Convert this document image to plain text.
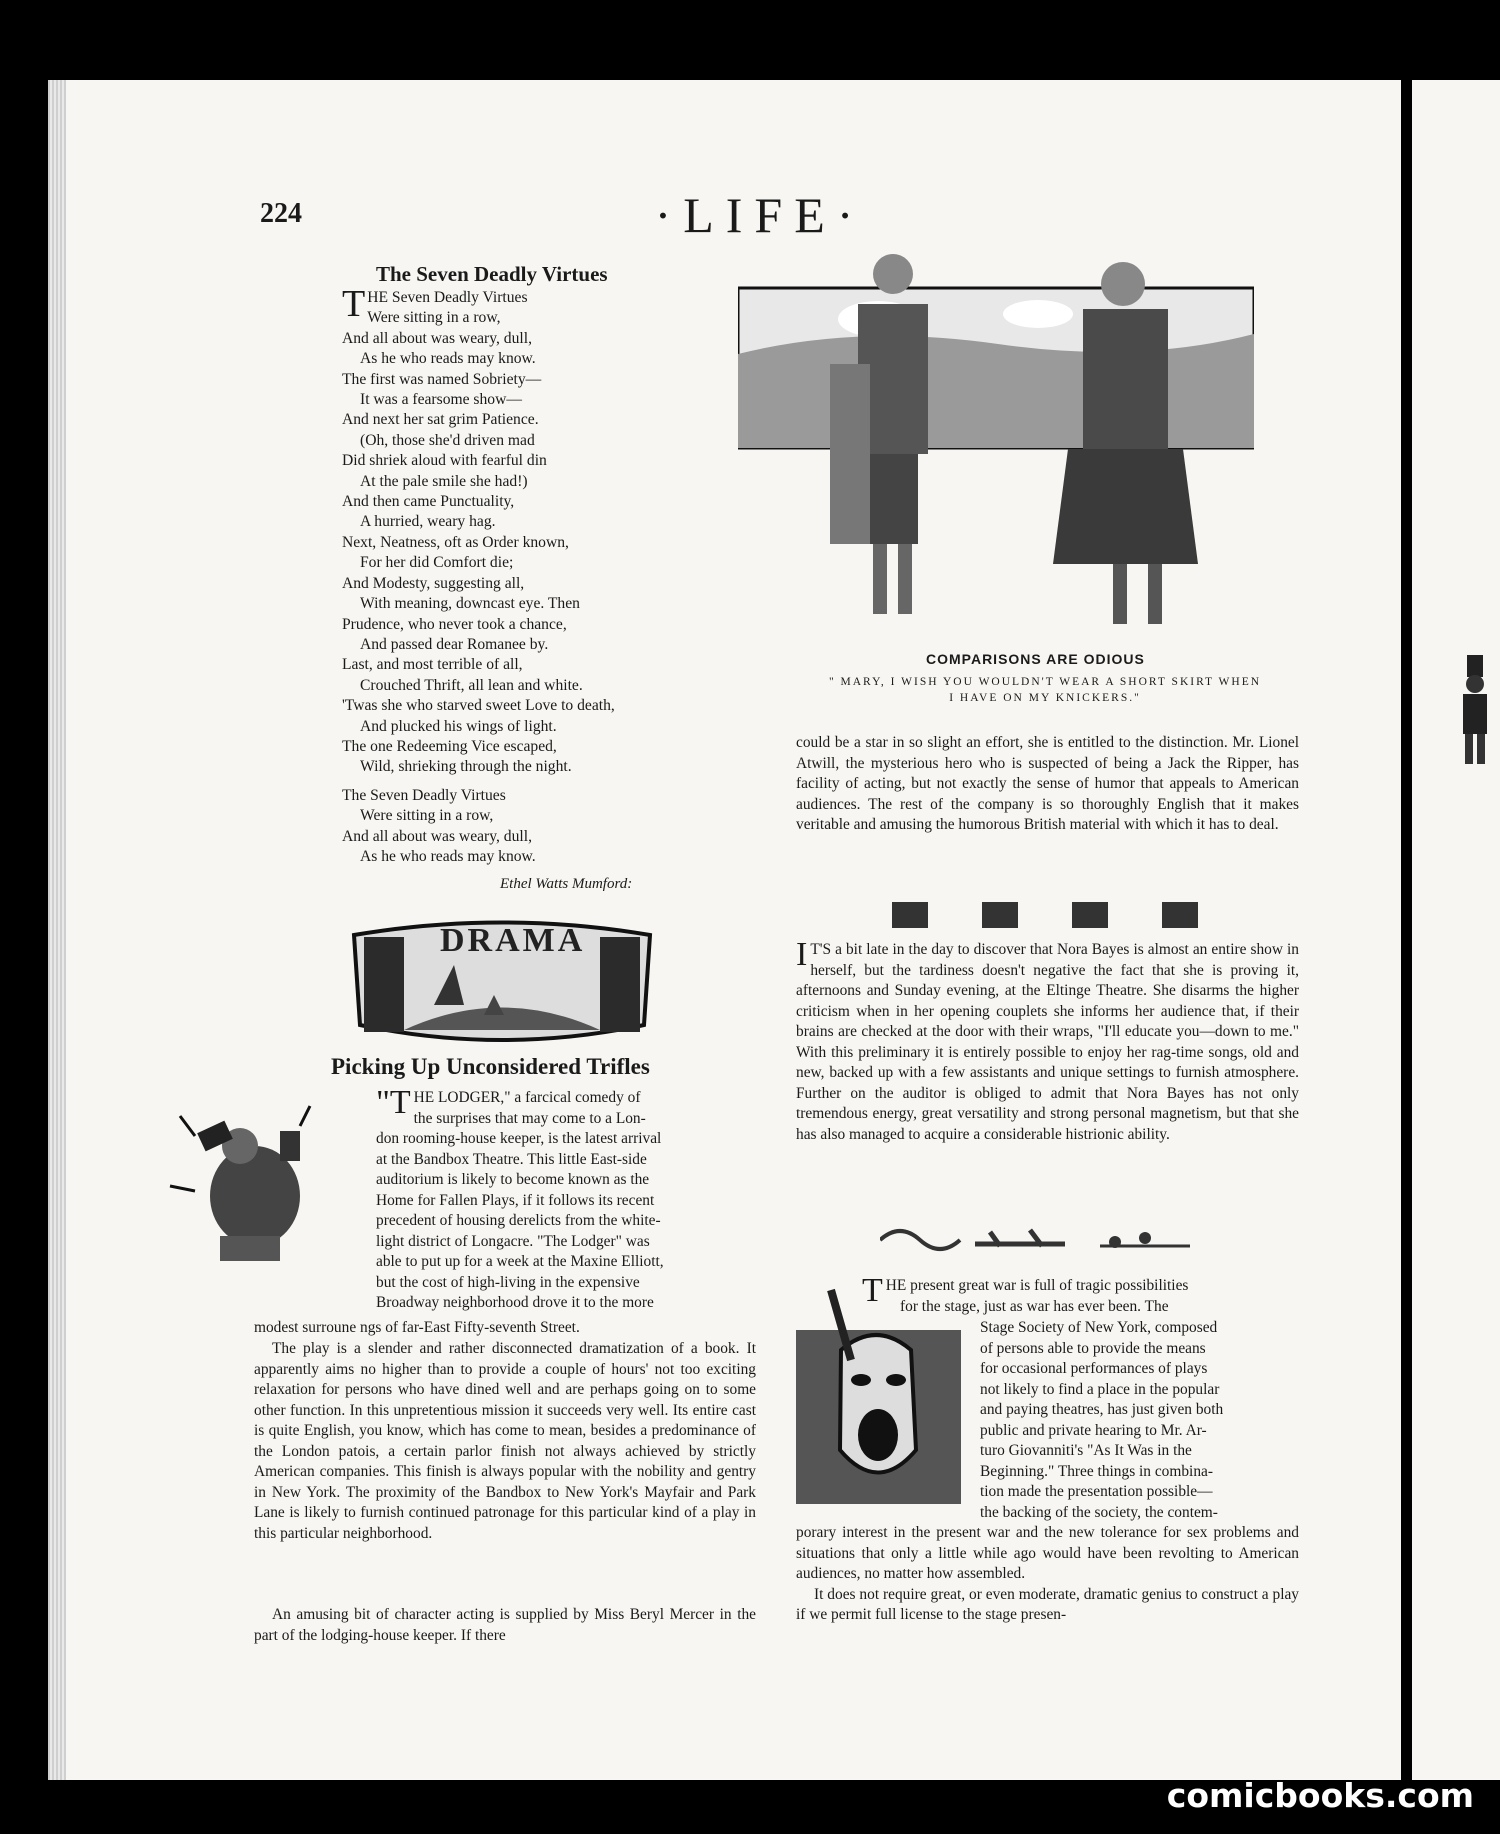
224	·LIFE·
The Seven Deadly Virtues
T HE Seven Deadly Virtues
Were sitting in a row,
And all about was weary, dull,
As he who reads may know.
The first was named Sobriety—
It was a fearsome show—
And next her sat grim Patience.
(Oh, those she'd driven mad
Did shriek aloud with fearful din
At the pale smile she had!)
And then came Punctuality,
A hurried, weary hag.
Next, Neatness, oft as Order known,
For her did Comfort die;
And Modesty, suggesting all,
With meaning, downcast eye. Then
Prudence, who never took a chance,
And passed dear Romanee by.
Last, and most terrible of all,
Crouched Thrift, all lean and white.
'Twas she who starved sweet Love to death,
And plucked his wings of light.
The one Redeeming Vice escaped,
Wild, shrieking through the night.
The Seven Deadly Virtues
Were sitting in a row,
And all about was weary, dull,
As he who reads may know.
Ethel Watts Mumford:
DRAMA
Picking Up Unconsidered Trifles
"THE LODGER," a farcical comedy of

the surprises that may come to a Lon-
don rooming-house keeper, is the latest arrival
at the Bandbox Theatre. This little East-side
auditorium is likely to become known as the
Home for Fallen Plays, if it follows its recent
precedent of housing derelicts from the white-
light district of Longacre. "The Lodger" was
able to put up for a week at the Maxine Elliott,
but the cost of high-living in the expensive
Broadway neighborhood drove it to the more
modest surroune ngs of far-East Fifty-seventh Street.

The play is a slender and rather disconnected dramatization of a book. It apparently aims no higher than to provide a couple of hours' not too exciting relaxation for persons who have dined well and are perhaps going on to some other function. In this unpretentious mission it succeeds very well. Its entire cast is quite English, you know, which has come to mean, besides a predominance of the London patois, a certain parlor finish not always achieved by strictly American companies. This finish is always popular with the nobility and gentry in New York. The proximity of the Bandbox to New York's Mayfair and Park Lane is likely to furnish continued patronage for this particular kind of a play in this particular neighborhood.

An amusing bit of character acting is supplied by Miss Beryl Mercer in the part of the lodging-house keeper. If there

COMPARISONS ARE ODIOUS
" MARY, I WISH YOU WOULDN'T WEAR A SHORT SKIRT WHEN
I HAVE ON MY KNICKERS."

could be a star in so slight an effort, she is entitled to the distinction. Mr. Lionel Atwill, the mysterious hero who is suspected of being a Jack the Ripper, has facility of acting, but not exactly the sense of humor that appeals to American audiences. The rest of the company is so thoroughly English that it makes veritable and amusing the humorous British material with which it has to deal.

I T'S a bit late in the day to discover that Nora Bayes is almost an entire show in herself, but the tardiness doesn't negative the fact that she is proving it, afternoons and Sunday evening, at the Eltinge Theatre. She disarms the higher criticism when in her opening couplets she informs her audience that, if their brains are checked at the door with their wraps, "I'll educate you—down to me." With this preliminary it is entirely possible to enjoy her rag-time songs, old and new, backed up with a few assistants and unique settings to furnish atmosphere. Further on the auditor is obliged to admit that Nora Bayes has not only tremendous energy, great versatility and strong personal magnetism, but that she has also managed to acquire a considerable histrionic ability.
THE present great war is full of tragic possibilities
for the stage, just as war has ever been. The
Stage Society of New York, composed
of persons able to provide the means
for occasional performances of plays
not likely to find a place in the popular
and paying theatres, has just given both
public and private hearing to Mr. Ar-
turo Giovanniti's "As It Was in the
Beginning." Three things in combina-
tion made the presentation possible—
the backing of the society, the contem-

porary interest in the present war and the new tolerance for sex problems and situations that only a little while ago would have been revolting to American audiences, no matter how assembled.

It does not require great, or even moderate, dramatic genius to construct a play if we permit full license to the stage presen-

comicbooks.com
